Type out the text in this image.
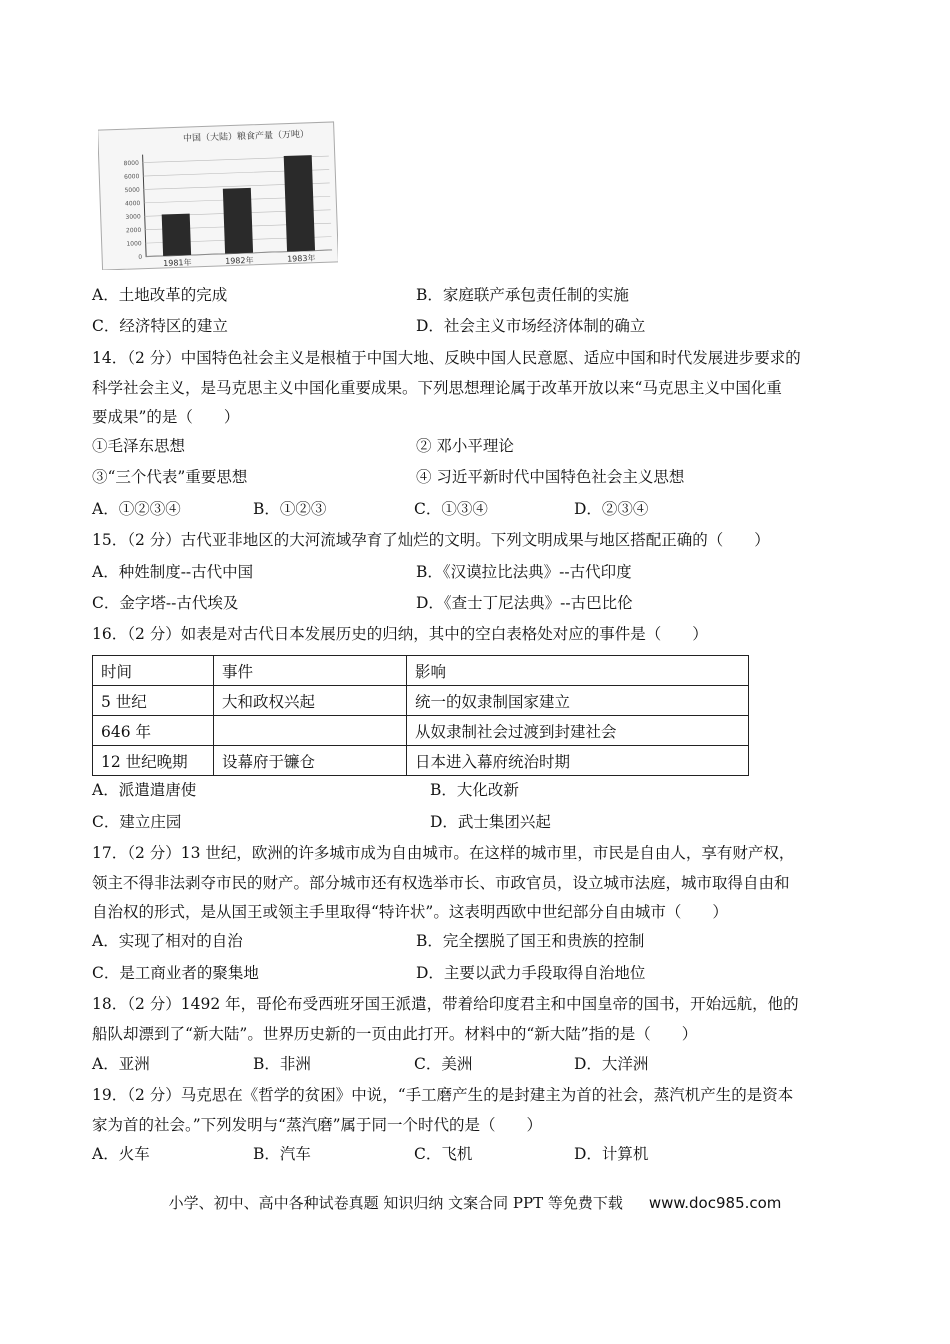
中国（大陆）粮食产量（万吨）
8000
6000
5000
4000
3000
2000
1000
0
1981年	1982年	1983年
A．土地改革的完成	B．家庭联产承包责任制的实施
C．经济特区的建立	D．社会主义市场经济体制的确立
14．（2 分）中国特色社会主义是根植于中国大地、反映中国人民意愿、适应中国和时代发展进步要求的
科学社会主义，是马克思主义中国化重要成果。下列思想理论属于改革开放以来“马克思主义中国化重
要成果”的是（　　）
①毛泽东思想	② 邓小平理论
③“三个代表”重要思想	④ 习近平新时代中国特色社会主义思想
A．①②③④	B．①②③	C．①③④	D．②③④
15．（2 分）古代亚非地区的大河流域孕育了灿烂的文明。下列文明成果与地区搭配正确的（　　）
A．种姓制度--古代中国	B．《汉谟拉比法典》--古代印度
C．金字塔--古代埃及	D．《查士丁尼法典》--古巴比伦
16．（2 分）如表是对古代日本发展历史的归纳，其中的空白表格处对应的事件是（　　）
时间	事件	影响
5 世纪	大和政权兴起	统一的奴隶制国家建立
646 年		从奴隶制社会过渡到封建社会
12 世纪晚期	设幕府于镰仓	日本进入幕府统治时期
A．派遣遣唐使	B．大化改新
C．建立庄园	D．武士集团兴起
17．（2 分）13 世纪，欧洲的许多城市成为自由城市。在这样的城市里，市民是自由人，享有财产权，
领主不得非法剥夺市民的财产。部分城市还有权选举市长、市政官员，设立城市法庭，城市取得自由和
自治权的形式，是从国王或领主手里取得“特许状”。这表明西欧中世纪部分自由城市（　　）
A．实现了相对的自治	B．完全摆脱了国王和贵族的控制
C．是工商业者的聚集地	D．主要以武力手段取得自治地位
18．（2 分）1492 年，哥伦布受西班牙国王派遣，带着给印度君主和中国皇帝的国书，开始远航，他的
船队却漂到了“新大陆”。世界历史新的一页由此打开。材料中的“新大陆”指的是（　　）
A．亚洲	B．非洲	C．美洲	D．大洋洲
19．（2 分）马克思在《哲学的贫困》中说，“手工磨产生的是封建主为首的社会，蒸汽机产生的是资本
家为首的社会。”下列发明与“蒸汽磨”属于同一个时代的是（　　）
A．火车	B．汽车	C．飞机	D．计算机
小学、初中、高中各种试卷真题 知识归纳 文案合同 PPT 等免费下载 www.doc985.com
